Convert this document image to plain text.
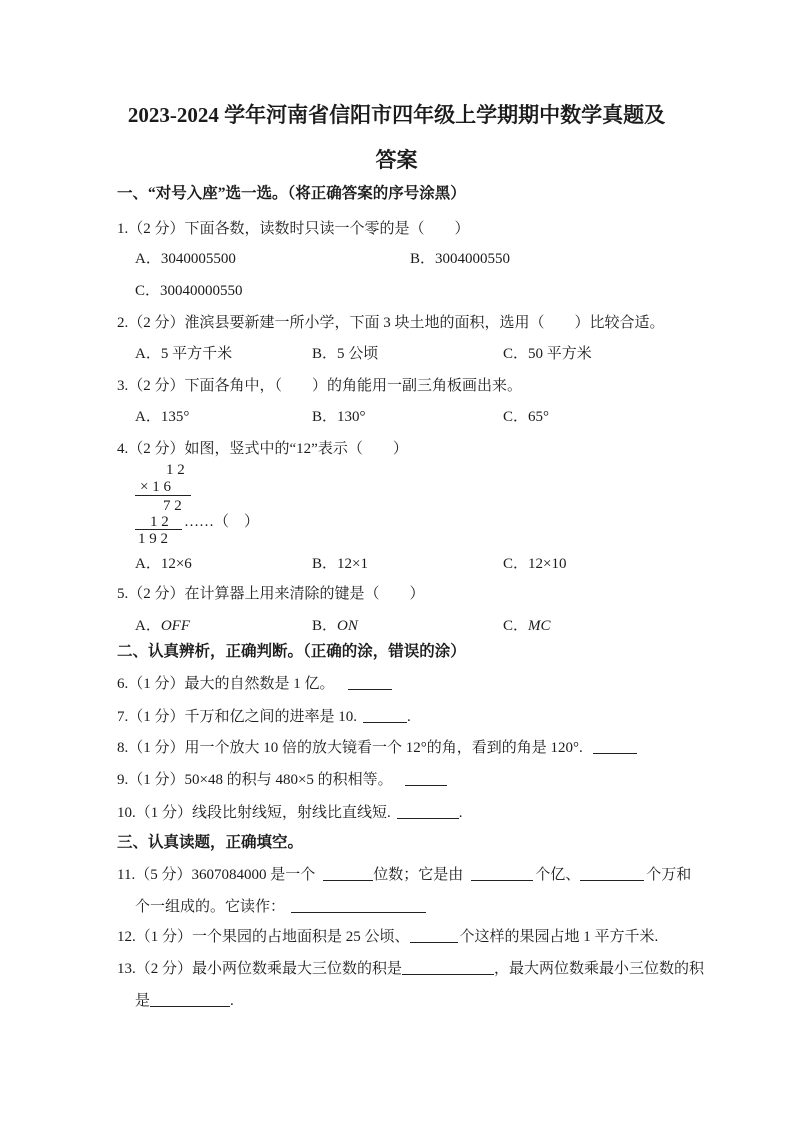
2023-2024 学年河南省信阳市四年级上学期期中数学真题及
答案
一、“对号入座”选一选。（将正确答案的序号涂黑）
1.（2 分）下面各数，读数时只读一个零的是（　　）
A．3040005500	B．3004000550
C．30040000550
2.（2 分）淮滨县要新建一所小学，下面 3 块土地的面积，选用（　　）比较合适。
A．5 平方千米	B．5 公顷	C．50 平方米
3.（2 分）下面各角中，（　　）的角能用一副三角板画出来。
A．135°	B．130°	C．65°
4.（2 分）如图，竖式中的“12”表示（　　）
1 2
× 1 6
7 2
1 2 ……（　）
1 9 2
A．12×6	B．12×1	C．12×10
5.（2 分）在计算器上用来清除的键是（　　）
A．OFF	B．ON	C．MC
二、认真辨析，正确判断。（正确的涂，错误的涂）
6.（1 分）最大的自然数是 1 亿。
7.（1 分）千万和亿之间的进率是 10.	.
8.（1 分）用一个放大 10 倍的放大镜看一个 12°的角，看到的角是 120°.
9.（1 分）50×48 的积与 480×5 的积相等。
10.（1 分）线段比射线短，射线比直线短.	.
三、认真读题，正确填空。
11.（5 分）3607084000 是一个	位数；它是由	个亿、	个万和
个一组成的。它读作：
12.（1 分）一个果园的占地面积是 25 公顷、	个这样的果园占地 1 平方千米.
13.（2 分）最小两位数乘最大三位数的积是	，最大两位数乘最小三位数的积
是	.
